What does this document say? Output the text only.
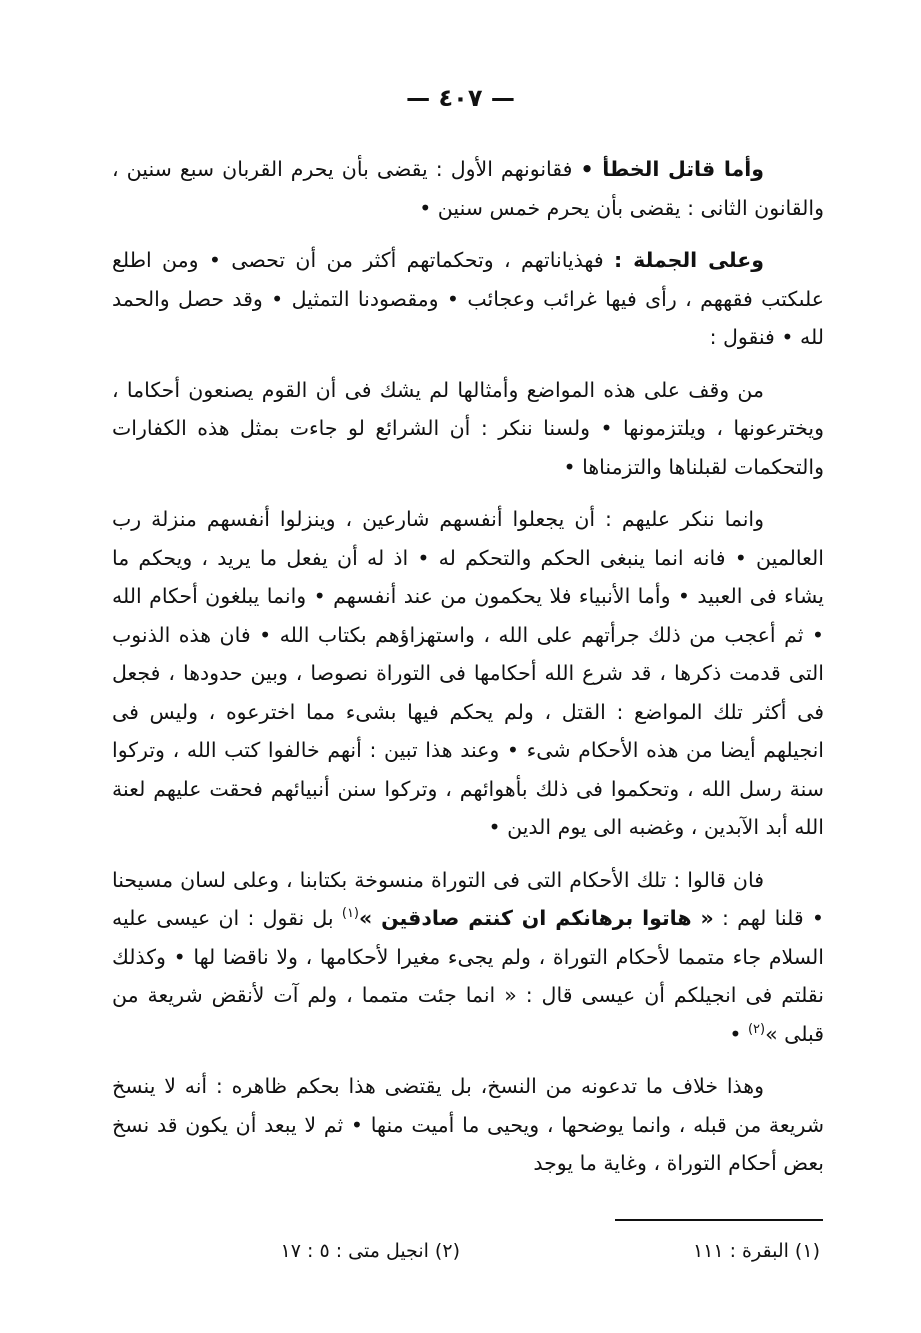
— ٤٠٧ —

وأما قاتل الخطأ ‍• فقانونهم الأول : يقضى بأن يحرم القربان سبع سنين ، والقانون الثانى : يقضى بأن يحرم خمس سنين •

وعلى الجملة : فهذياناتهم ، وتحكماتهم أكثر من أن تحصى • ومن اطلع علىكتب فقههم ، رأى فيها غرائب وعجائب • ومقصودنا التمثيل • وقد حصل والحمد لله • فنقول :

من وقف على هذه المواضع وأمثالها لم يشك فى أن القوم يصنعون أحكاما ، ويخترعونها ، ويلتزمونها • ولسنا ننكر : أن الشرائع لو جاءت بمثل هذه الكفارات والتحكمات لقبلناها والتزمناها •

وانما ننكر عليهم : أن يجعلوا أنفسهم شارعين ، وينزلوا أنفسهم منزلة رب العالمين • فانه انما ينبغى الحكم والتحكم له • اذ له أن يفعل ما يريد ، ويحكم ما يشاء فى العبيد • وأما الأنبياء فلا يحكمون من عند أنفسهم • وانما يبلغون أحكام الله • ثم أعجب من ذلك جرأتهم على الله ، واستهزاؤهم بكتاب الله • فان هذه الذنوب التى قدمت ذكرها ، قد شرع الله أحكامها فى التوراة نصوصا ، وبين حدودها ، فجعل فى أكثر تلك المواضع : القتل ، ولم يحكم فيها بشىء مما اخترعوه ، وليس فى انجيلهم أيضا من هذه الأحكام شىء • وعند هذا تبين : أنهم خالفوا كتب الله ، وتركوا سنة رسل الله ، وتحكموا فى ذلك بأهوائهم ، وتركوا سنن أنبيائهم فحقت عليهم لعنة الله أبد الآبدين ، وغضبه الى يوم الدين •

فان قالوا : تلك الأحكام التى فى التوراة منسوخة بكتابنا ، وعلى لسان مسيحنا • قلنا لهم : « هاتوا برهانكم ان كنتم صادقين »$^{(١)}$ بل نقول : ان عيسى عليه السلام جاء متمما لأحكام التوراة ، ولم يجىء مغيرا لأحكامها ، ولا ناقضا لها • وكذلك نقلتم فى انجيلكم أن عيسى قال : « انما جئت متمما ، ولم آت لأنقض شريعة من قبلى »$^{(٢)}$ •

وهذا خلاف ما تدعونه من النسخ، بل يقتضى هذا بحكم ظاهره : أنه لا ينسخ شريعة من قبله ، وانما يوضحها ، ويحيى ما أميت منها • ثم لا يبعد أن يكون قد نسخ بعض أحكام التوراة ، وغاية ما يوجد

(١) البقرة : ١١١
(٢) انجيل متى : ٥ : ١٧
